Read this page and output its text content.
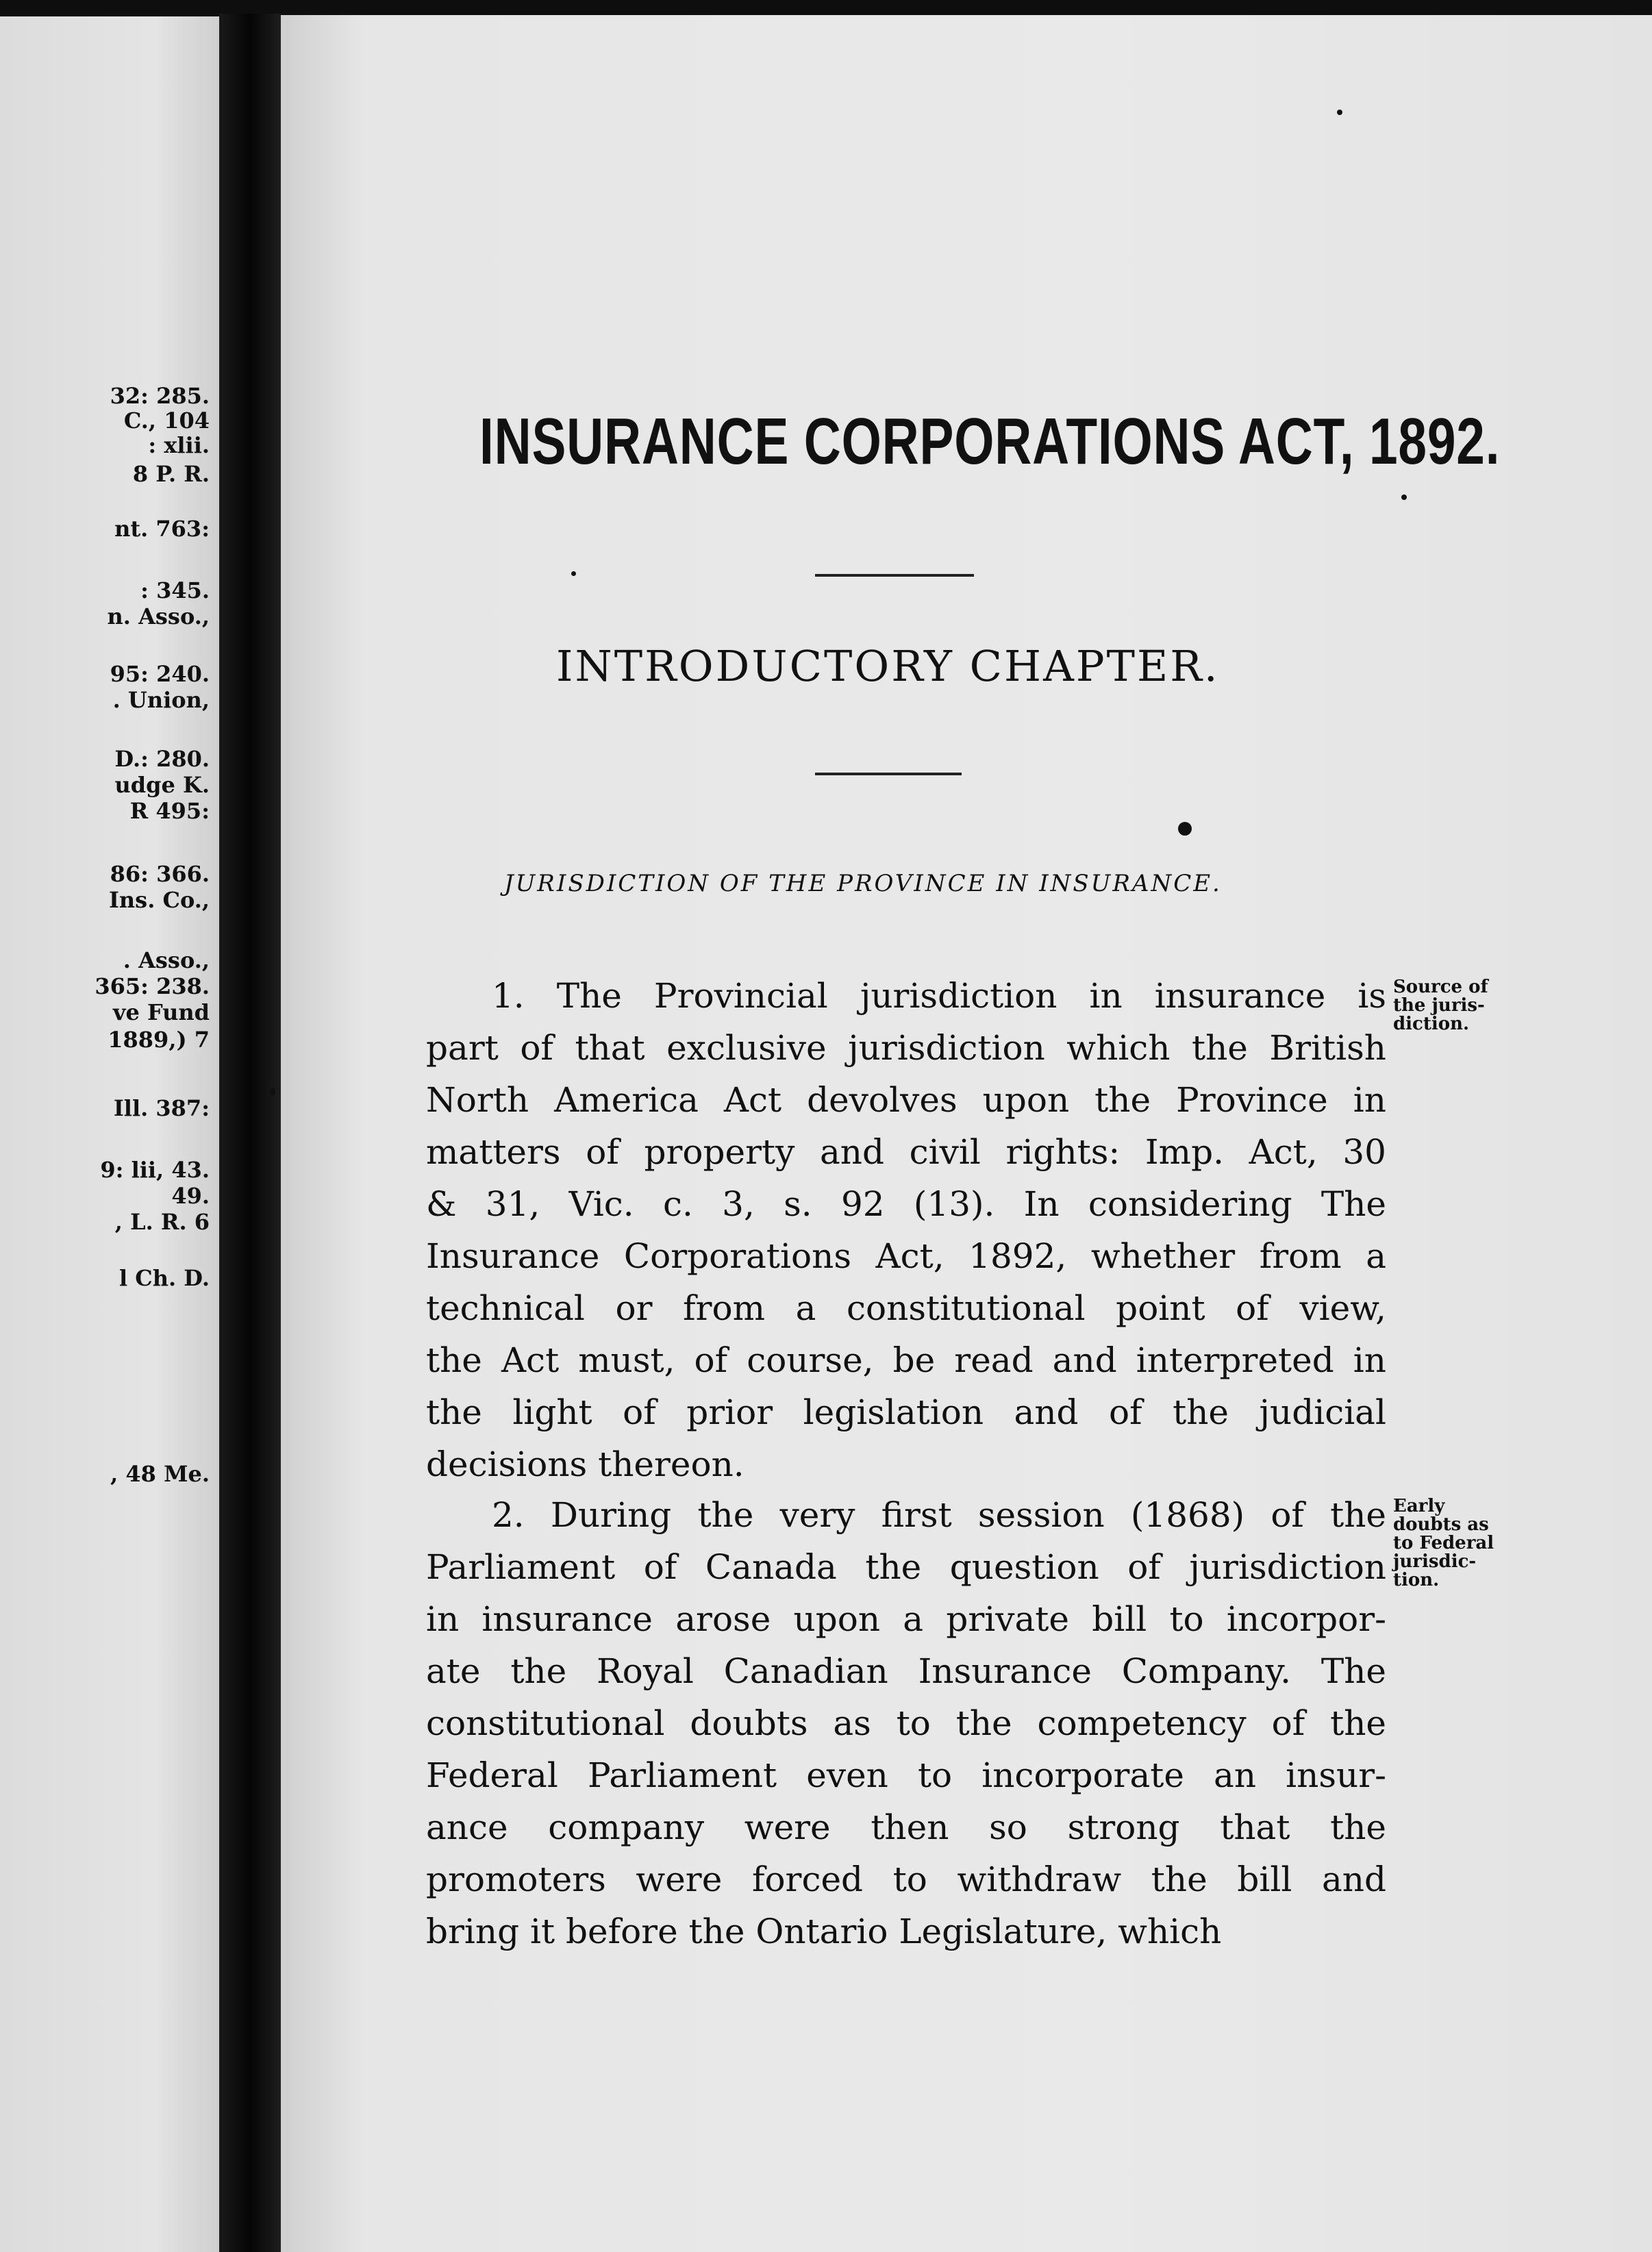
INSURANCE CORPORATIONS ACT, 1892.
INTRODUCTORY CHAPTER.
JURISDICTION OF THE PROVINCE IN INSURANCE.
1. The Provincial jurisdiction in insurance is
part of that exclusive jurisdiction which the British
North America Act devolves upon the Province in
matters of property and civil rights: Imp. Act, 30
& 31, Vic. c. 3, s. 92 (13). In considering The
Insurance Corporations Act, 1892, whether from a
technical or from a constitutional point of view,
the Act must, of course, be read and interpreted in
the light of prior legislation and of the judicial
decisions thereon.
Source of
the juris-
diction.
2. During the very first session (1868) of the
Parliament of Canada the question of jurisdiction
in insurance arose upon a private bill to incorpor-
ate the Royal Canadian Insurance Company. The
constitutional doubts as to the competency of the
Federal Parliament even to incorporate an insur-
ance company were then so strong that the
promoters were forced to withdraw the bill and
bring it before the Ontario Legislature, which
Early
doubts as
to Federal
jurisdic-
tion.
32: 285.
C., 104
: xlii.
8 P. R.
nt. 763:
: 345.
n. Asso.,
95: 240.
. Union,
D.: 280.
udge K.
R 495:
86: 366.
Ins. Co.,
. Asso.,
365: 238.
ve Fund
1889,) 7
Ill. 387:
9: lii, 43.
49.
, L. R. 6
l Ch. D.
, 48 Me.
